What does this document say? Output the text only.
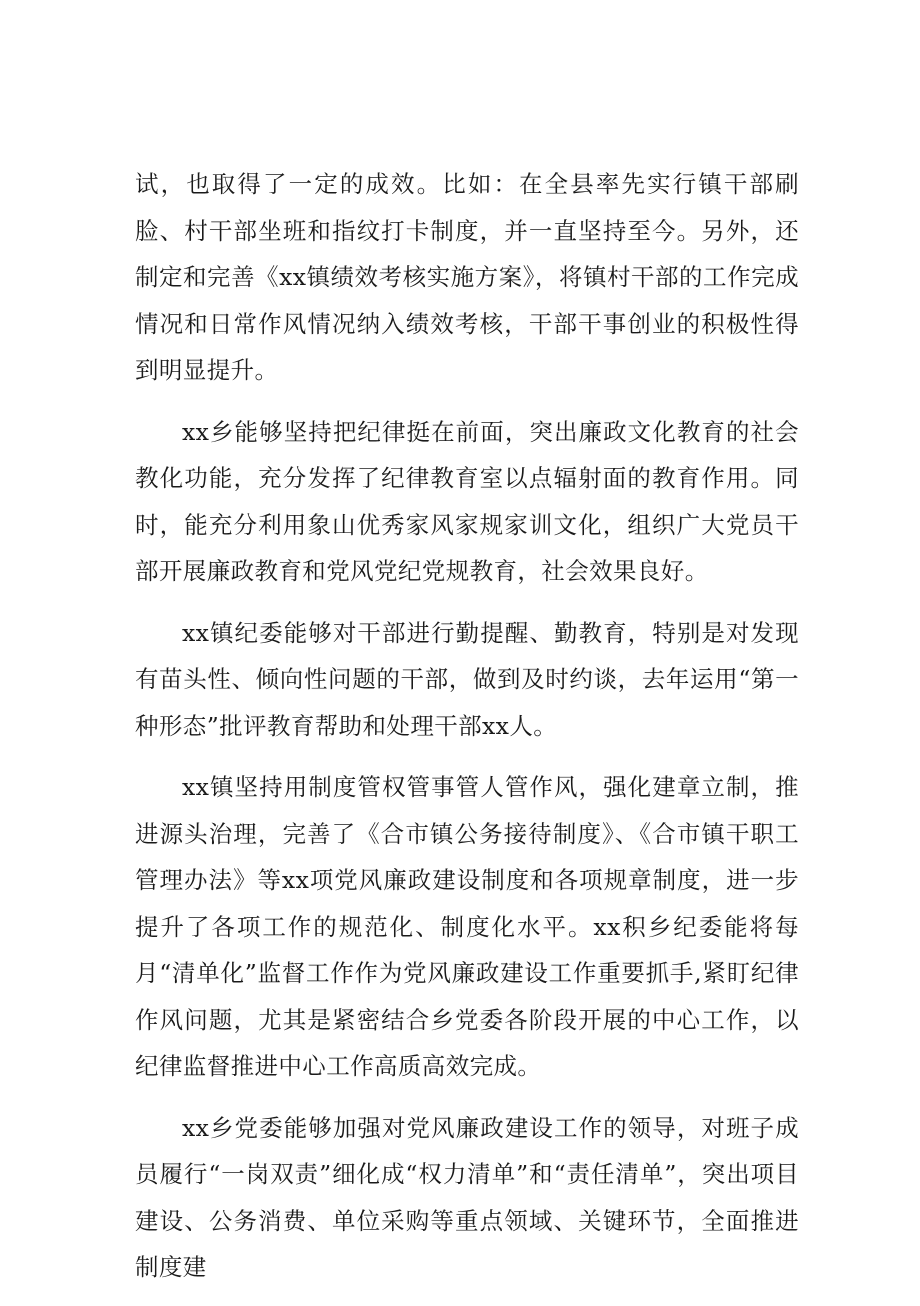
试，也取得了一定的成效。比如：在全县率先实行镇干部刷脸、村干部坐班和指纹打卡制度，并一直坚持至今。另外，还制定和完善《xx镇绩效考核实施方案》，将镇村干部的工作完成情况和日常作风情况纳入绩效考核，干部干事创业的积极性得到明显提升。

xx乡能够坚持把纪律挺在前面，突出廉政文化教育的社会教化功能，充分发挥了纪律教育室以点辐射面的教育作用。同时，能充分利用象山优秀家风家规家训文化，组织广大党员干部开展廉政教育和党风党纪党规教育，社会效果良好。

xx镇纪委能够对干部进行勤提醒、勤教育，特别是对发现有苗头性、倾向性问题的干部，做到及时约谈，去年运用“第一种形态”批评教育帮助和处理干部xx人。

xx镇坚持用制度管权管事管人管作风，强化建章立制，推进源头治理，完善了《合市镇公务接待制度》、《合市镇干职工管理办法》等xx项党风廉政建设制度和各项规章制度，进一步提升了各项工作的规范化、制度化水平。xx积乡纪委能将每月“清单化”监督工作作为党风廉政建设工作重要抓手,紧盯纪律作风问题，尤其是紧密结合乡党委各阶段开展的中心工作，以纪律监督推进中心工作高质高效完成。

xx乡党委能够加强对党风廉政建设工作的领导，对班子成员履行“一岗双责”细化成“权力清单”和“责任清单”，突出项目建设、公务消费、单位采购等重点领域、关键环节，全面推进制度建
